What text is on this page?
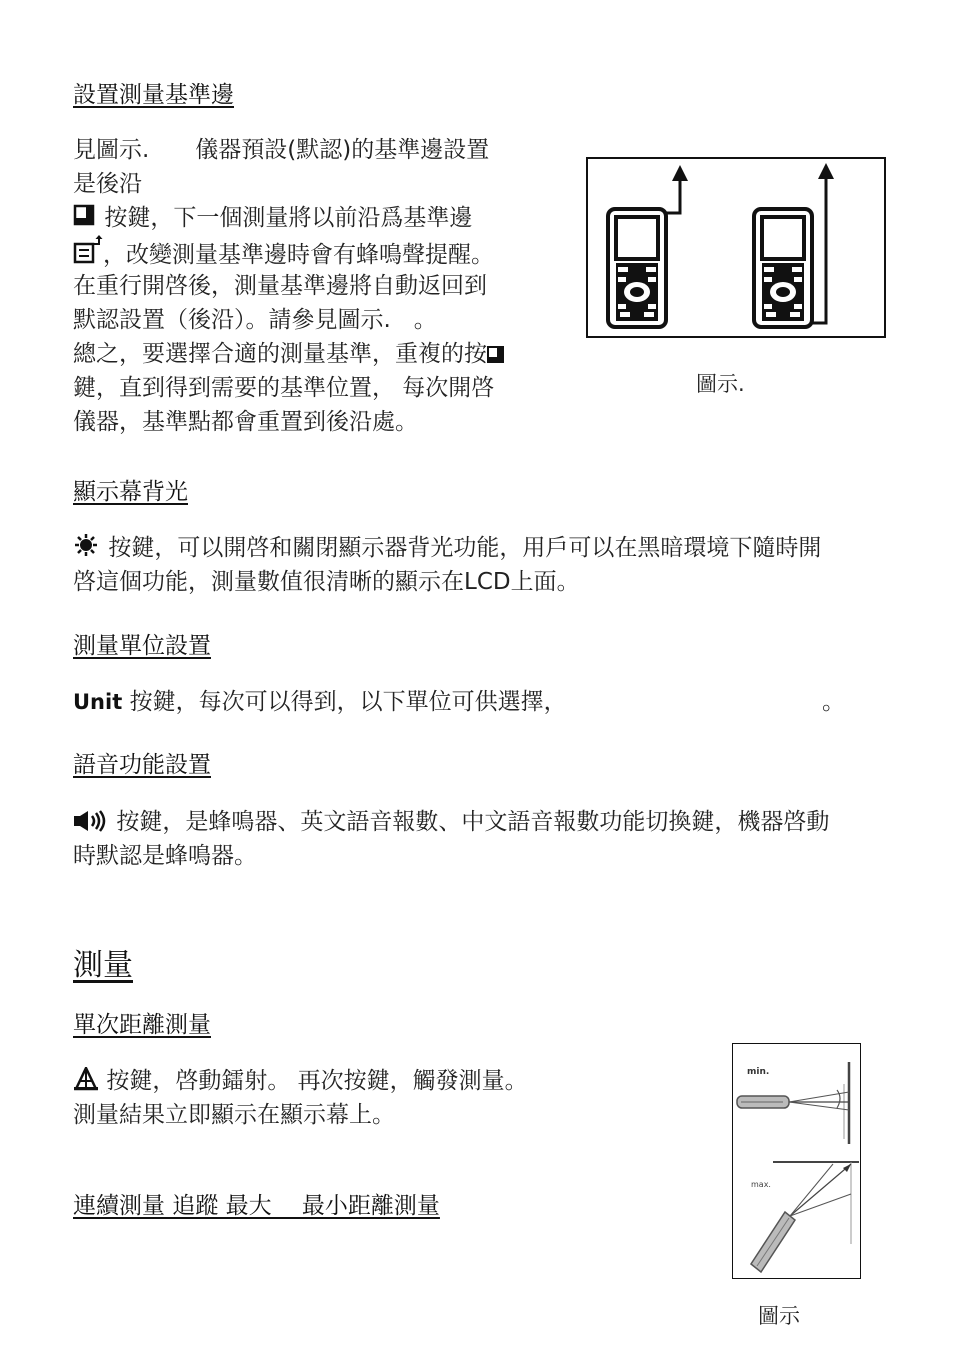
設置測量基準邊
見圖示.　　儀器預設(默認)的基準邊設置
是後沿
按鍵，下一個測量將以前沿爲基準邊
，改變測量基準邊時會有蜂鳴聲提醒。
在重行開啓後，測量基準邊將自動返回到
默認設置（後沿）。請參見圖示.　。
總之，要選擇合適的測量基準，重複的按
鍵，直到得到需要的基準位置， 每次開啓
儀器，基準點都會重置到後沿處。
圖示.
顯示幕背光
按鍵，可以開啓和關閉顯示器背光功能，用戶可以在黑暗環境下隨時開
啓這個功能，測量數值很清晰的顯示在LCD上面。
測量單位設置
Unit 按鍵，每次可以得到，以下單位可供選擇，	。
語音功能設置
按鍵，是蜂鳴器、英文語音報數、中文語音報數功能切換鍵，機器啓動
時默認是蜂鳴器。
測量
單次距離測量
按鍵，啓動鐳射。 再次按鍵，觸發測量。
測量結果立即顯示在顯示幕上。
min.
max.
圖示
連續測量 追蹤 最大　 最小距離測量
